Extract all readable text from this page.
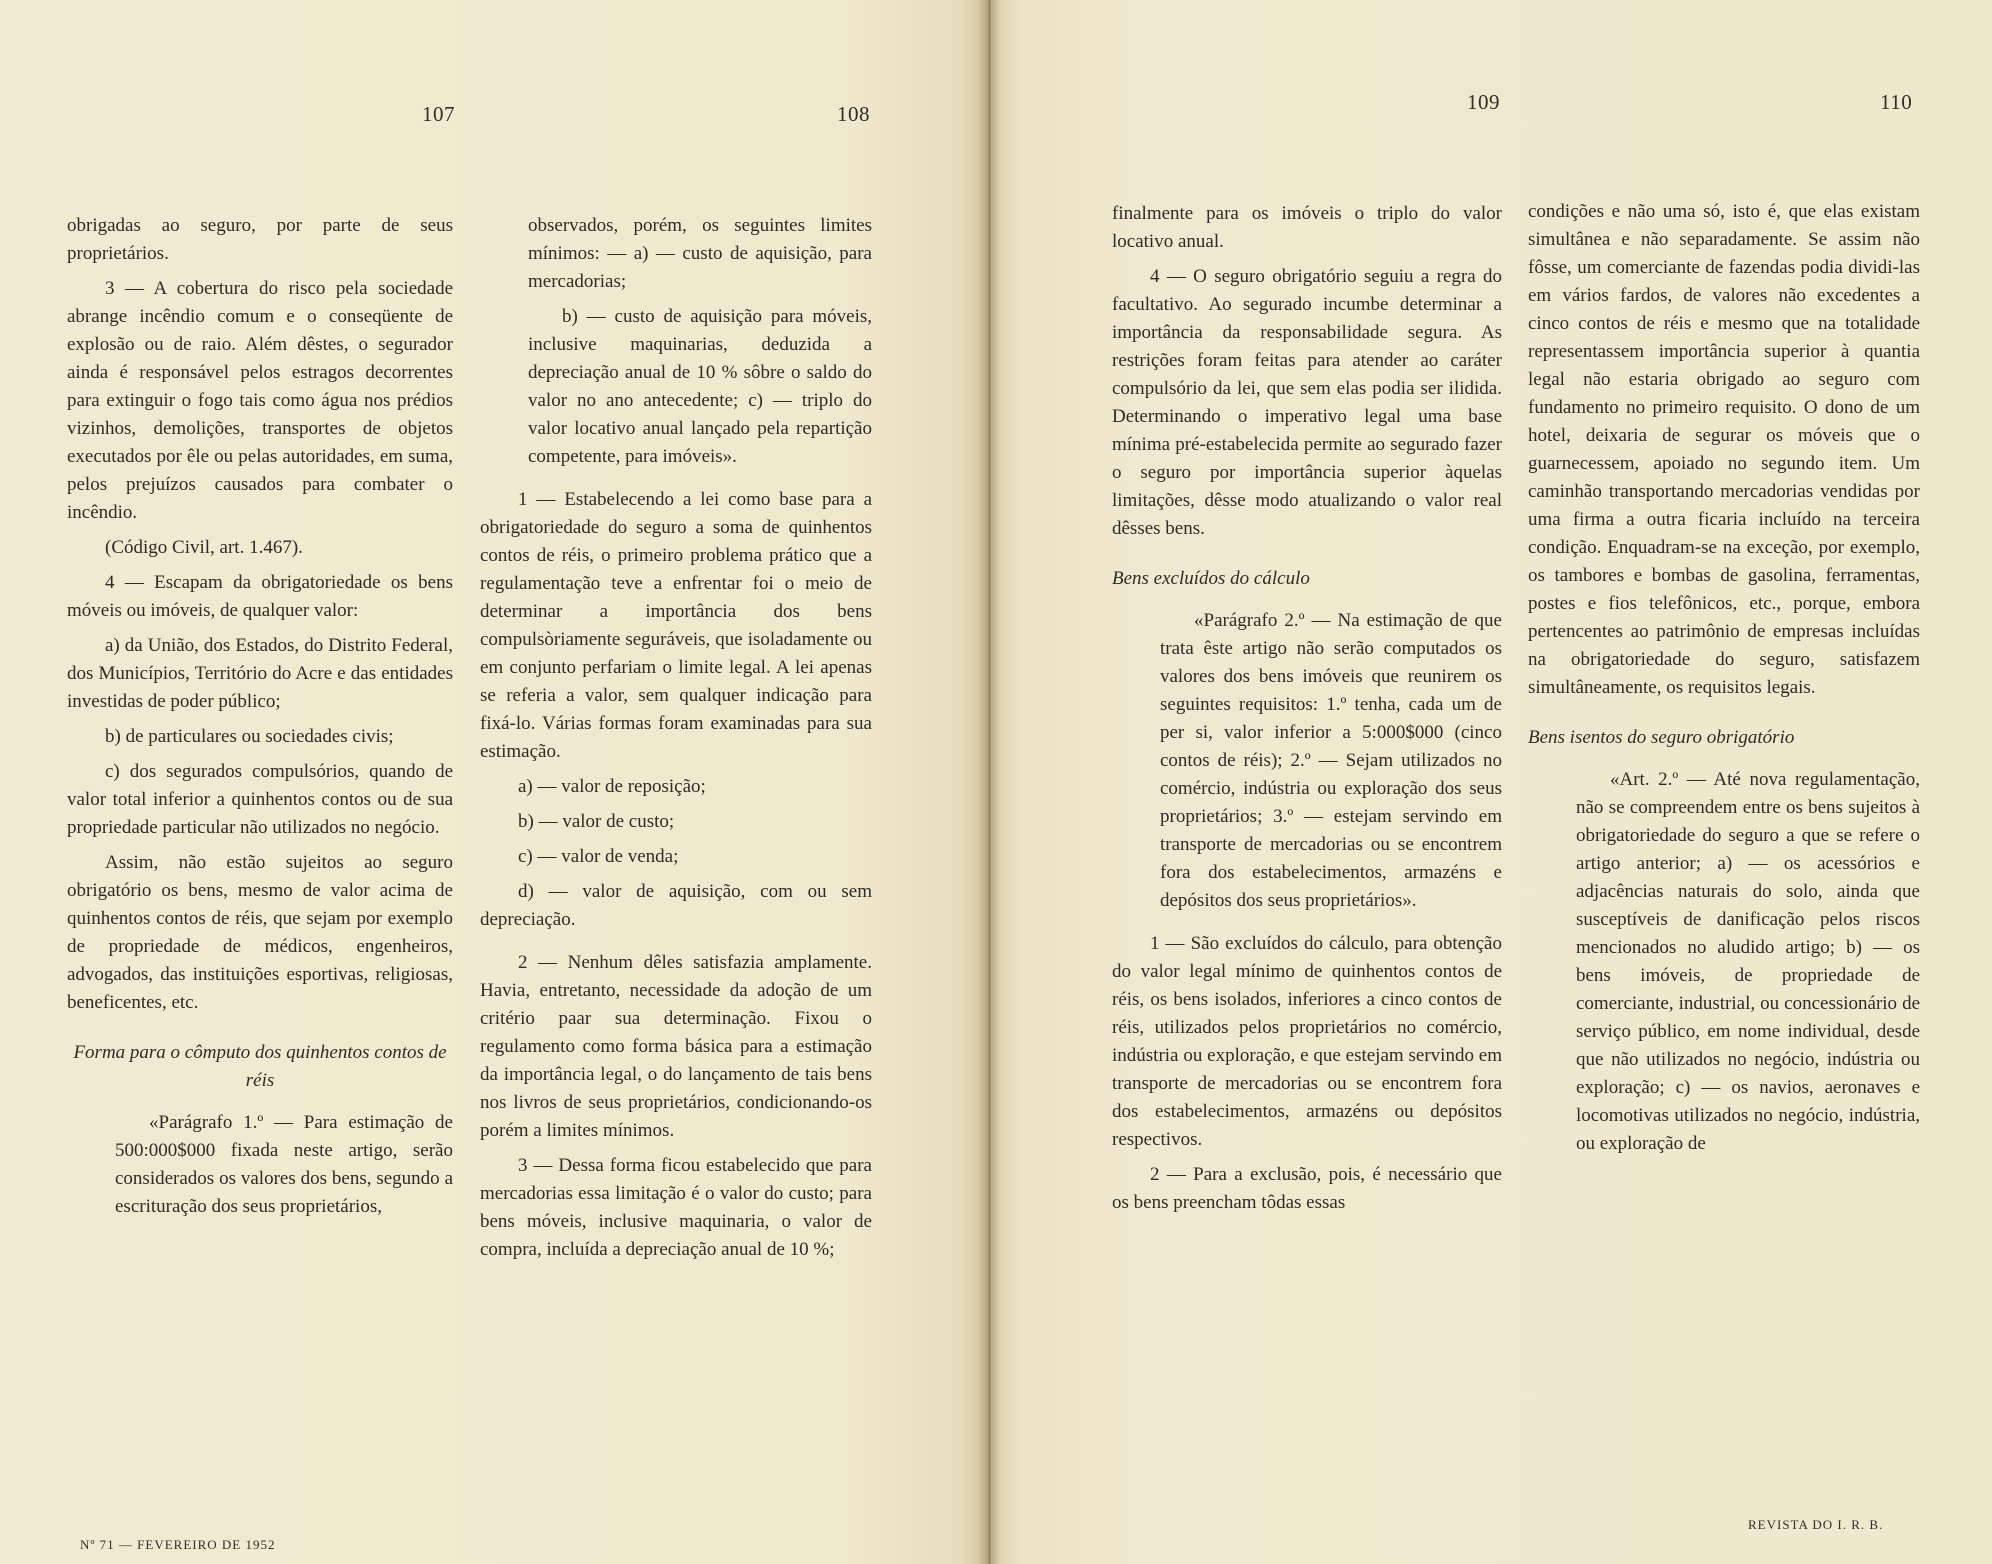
107	108	109	110

obrigadas ao seguro, por parte de seus proprietários.

3 — A cobertura do risco pela sociedade abrange incêndio comum e o conseqüente de explosão ou de raio. Além dêstes, o segurador ainda é responsável pelos estragos decorrentes para extinguir o fogo tais como água nos prédios vizinhos, demolições, transportes de objetos executados por êle ou pelas autoridades, em suma, pelos prejuízos causados para combater o incêndio.

(Código Civil, art. 1.467).

4 — Escapam da obrigatoriedade os bens móveis ou imóveis, de qualquer valor:

a) da União, dos Estados, do Distrito Federal, dos Municípios, Território do Acre e das entidades investidas de poder público;

b) de particulares ou sociedades civis;

c) dos segurados compulsórios, quando de valor total inferior a quinhentos contos ou de sua propriedade particular não utilizados no negócio.

Assim, não estão sujeitos ao seguro obrigatório os bens, mesmo de valor acima de quinhentos contos de réis, que sejam por exemplo de propriedade de médicos, engenheiros, advogados, das instituições esportivas, religiosas, beneficentes, etc.

Forma para o cômputo dos quinhentos contos de réis

«Parágrafo 1.º — Para estimação de 500:000$000 fixada neste artigo, serão considerados os valores dos bens, segundo a escrituração dos seus proprietários,

observados, porém, os seguintes limites mínimos: — a) — custo de aquisição, para mercadorias;

b) — custo de aquisição para móveis, inclusive maquinarias, deduzida a depreciação anual de 10 % sôbre o saldo do valor no ano antecedente; c) — triplo do valor locativo anual lançado pela repartição competente, para imóveis».

1 — Estabelecendo a lei como base para a obrigatoriedade do seguro a soma de quinhentos contos de réis, o primeiro problema prático que a regulamentação teve a enfrentar foi o meio de determinar a importância dos bens compulsòriamente seguráveis, que isoladamente ou em conjunto perfariam o limite legal. A lei apenas se referia a valor, sem qualquer indicação para fixá-lo. Várias formas foram examinadas para sua estimação.

a) — valor de reposição;

b) — valor de custo;

c) — valor de venda;

d) — valor de aquisição, com ou sem depreciação.

2 — Nenhum dêles satisfazia amplamente. Havia, entretanto, necessidade da adoção de um critério paar sua determinação. Fixou o regulamento como forma básica para a estimação da importância legal, o do lançamento de tais bens nos livros de seus proprietários, condicionando-os porém a limites mínimos.

3 — Dessa forma ficou estabelecido que para mercadorias essa limitação é o valor do custo; para bens móveis, inclusive maquinaria, o valor de compra, incluída a depreciação anual de 10 %;

finalmente para os imóveis o triplo do valor locativo anual.

4 — O seguro obrigatório seguiu a regra do facultativo. Ao segurado incumbe determinar a importância da responsabilidade segura. As restrições foram feitas para atender ao caráter compulsório da lei, que sem elas podia ser ilidida. Determinando o imperativo legal uma base mínima pré-estabelecida permite ao segurado fazer o seguro por importância superior àquelas limitações, dêsse modo atualizando o valor real dêsses bens.

Bens excluídos do cálculo

«Parágrafo 2.º — Na estimação de que trata êste artigo não serão computados os valores dos bens imóveis que reunirem os seguintes requisitos: 1.º tenha, cada um de per si, valor inferior a 5:000$000 (cinco contos de réis); 2.º — Sejam utilizados no comércio, indústria ou exploração dos seus proprietários; 3.º — estejam servindo em transporte de mercadorias ou se encontrem fora dos estabelecimentos, armazéns e depósitos dos seus proprietários».

1 — São excluídos do cálculo, para obtenção do valor legal mínimo de quinhentos contos de réis, os bens isolados, inferiores a cinco contos de réis, utilizados pelos proprietários no comércio, indústria ou exploração, e que estejam servindo em transporte de mercadorias ou se encontrem fora dos estabelecimentos, armazéns ou depósitos respectivos.

2 — Para a exclusão, pois, é necessário que os bens preencham tôdas essas

condições e não uma só, isto é, que elas existam simultânea e não separadamente. Se assim não fôsse, um comerciante de fazendas podia dividi-las em vários fardos, de valores não excedentes a cinco contos de réis e mesmo que na totalidade representassem importância superior à quantia legal não estaria obrigado ao seguro com fundamento no primeiro requisito. O dono de um hotel, deixaria de segurar os móveis que o guarnecessem, apoiado no segundo item. Um caminhão transportando mercadorias vendidas por uma firma a outra ficaria incluído na terceira condição. Enquadram-se na exceção, por exemplo, os tambores e bombas de gasolina, ferramentas, postes e fios telefônicos, etc., porque, embora pertencentes ao patrimônio de empresas incluídas na obrigatoriedade do seguro, satisfazem simultâneamente, os requisitos legais.

Bens isentos do seguro obrigatório

«Art. 2.º — Até nova regulamentação, não se compreendem entre os bens sujeitos à obrigatoriedade do seguro a que se refere o artigo anterior; a) — os acessórios e adjacências naturais do solo, ainda que susceptíveis de danificação pelos riscos mencionados no aludido artigo; b) — os bens imóveis, de propriedade de comerciante, industrial, ou concessionário de serviço público, em nome individual, desde que não utilizados no negócio, indústria ou exploração; c) — os navios, aeronaves e locomotivas utilizados no negócio, indústria, ou exploração de

Nº 71 — FEVEREIRO DE 1952
REVISTA DO I. R. B.
